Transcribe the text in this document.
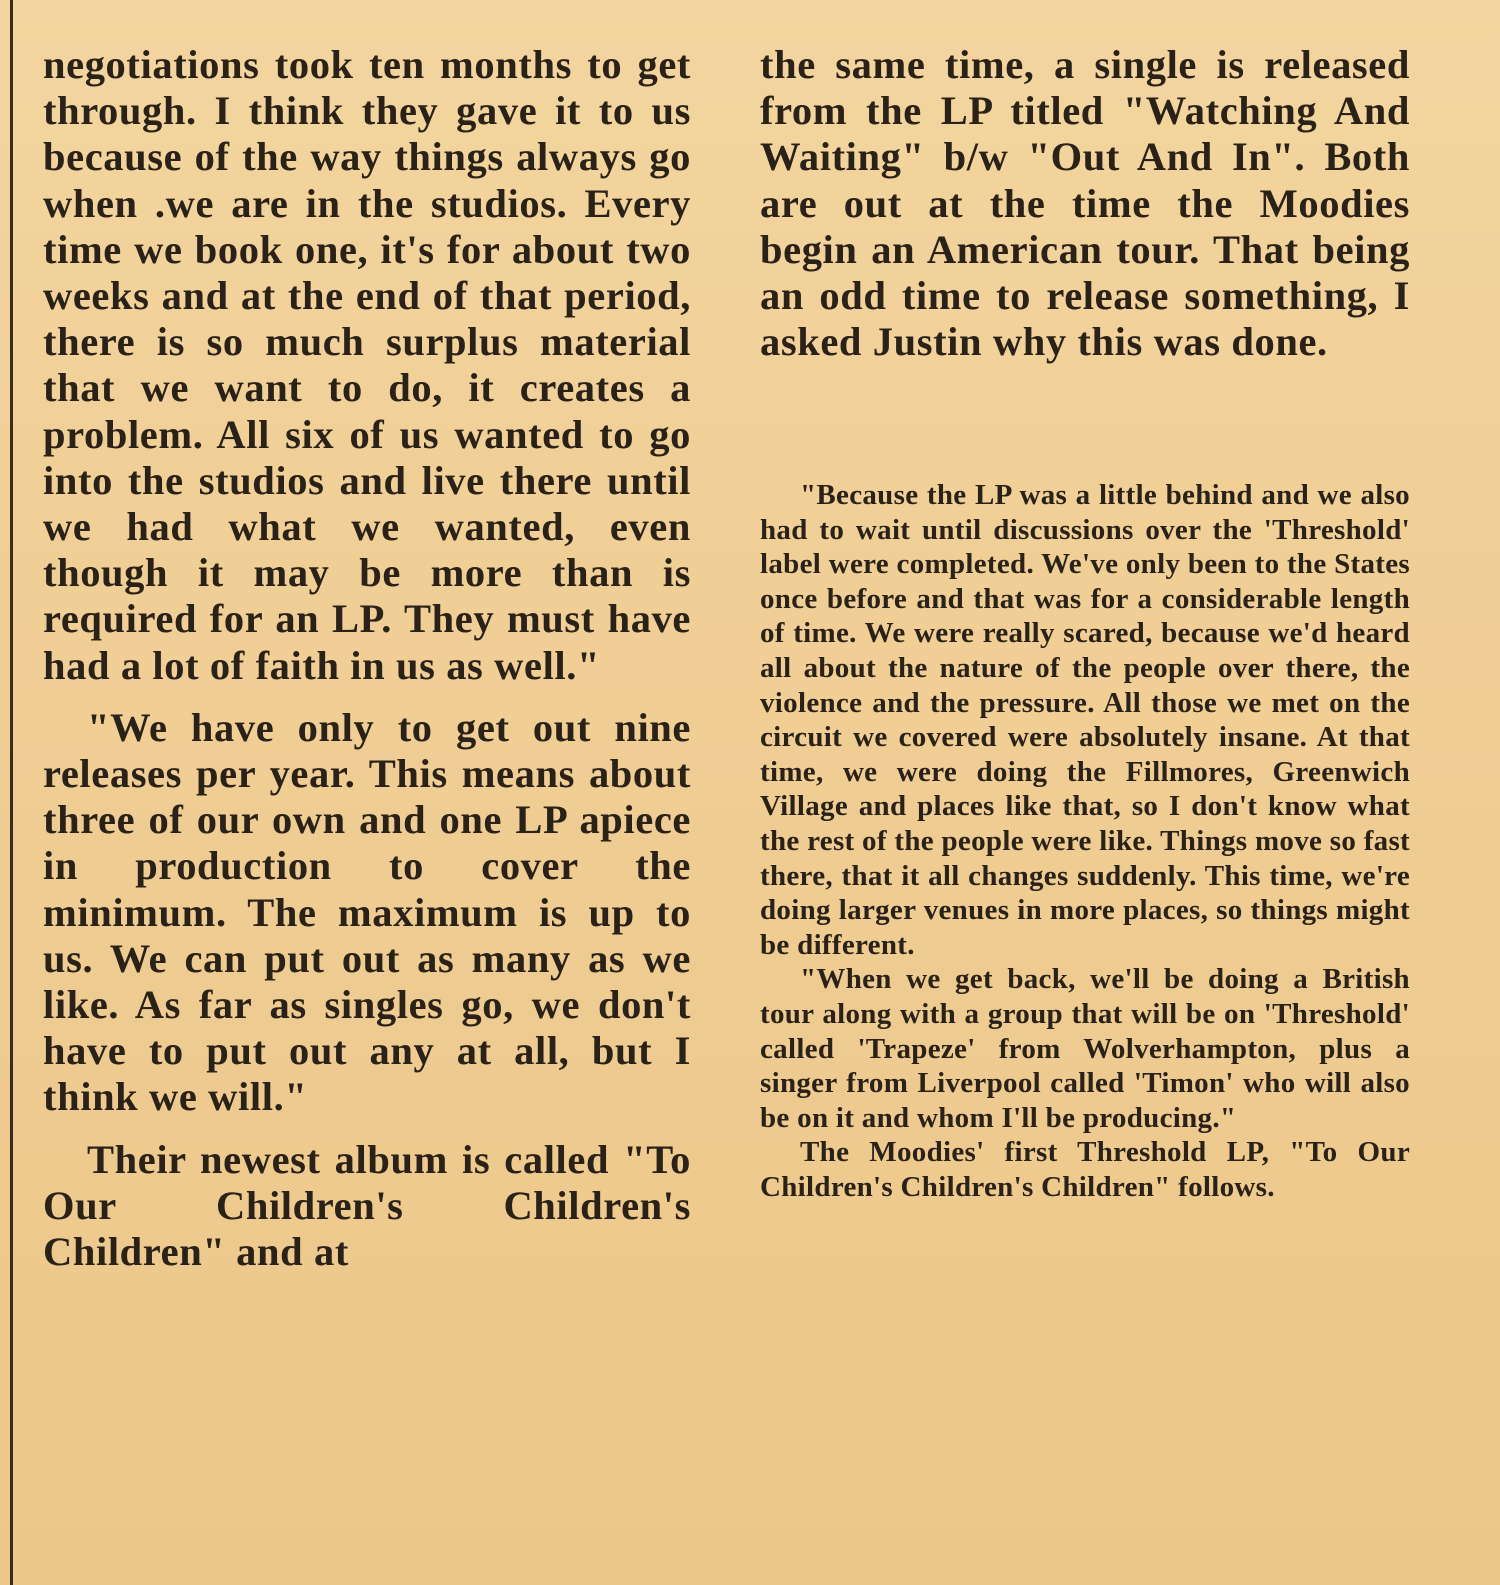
negotiations took ten months to get through. I think they gave it to us because of the way things always go when .we are in the studios. Every time we book one, it's for about two weeks and at the end of that period, there is so much surplus material that we want to do, it creates a problem. All six of us wanted to go into the studios and live there until we had what we wanted, even though it may be more than is required for an LP. They must have had a lot of faith in us as well."

"We have only to get out nine releases per year. This means about three of our own and one LP apiece in production to cover the minimum. The maximum is up to us. We can put out as many as we like. As far as singles go, we don't have to put out any at all, but I think we will."

Their newest album is called "To Our Children's Children's Children" and at

the same time, a single is released from the LP titled "Watching And Waiting" b/w "Out And In". Both are out at the time the Moodies begin an American tour. That being an odd time to release something, I asked Justin why this was done.

"Because the LP was a little behind and we also had to wait until discussions over the 'Threshold' label were completed. We've only been to the States once before and that was for a considerable length of time. We were really scared, because we'd heard all about the nature of the people over there, the violence and the pressure. All those we met on the circuit we covered were absolutely insane. At that time, we were doing the Fillmores, Greenwich Village and places like that, so I don't know what the rest of the people were like. Things move so fast there, that it all changes suddenly. This time, we're doing larger venues in more places, so things might be different.

"When we get back, we'll be doing a British tour along with a group that will be on 'Threshold' called 'Trapeze' from Wolverhampton, plus a singer from Liverpool called 'Timon' who will also be on it and whom I'll be producing."

The Moodies' first Threshold LP, "To Our Children's Children's Children" follows.
